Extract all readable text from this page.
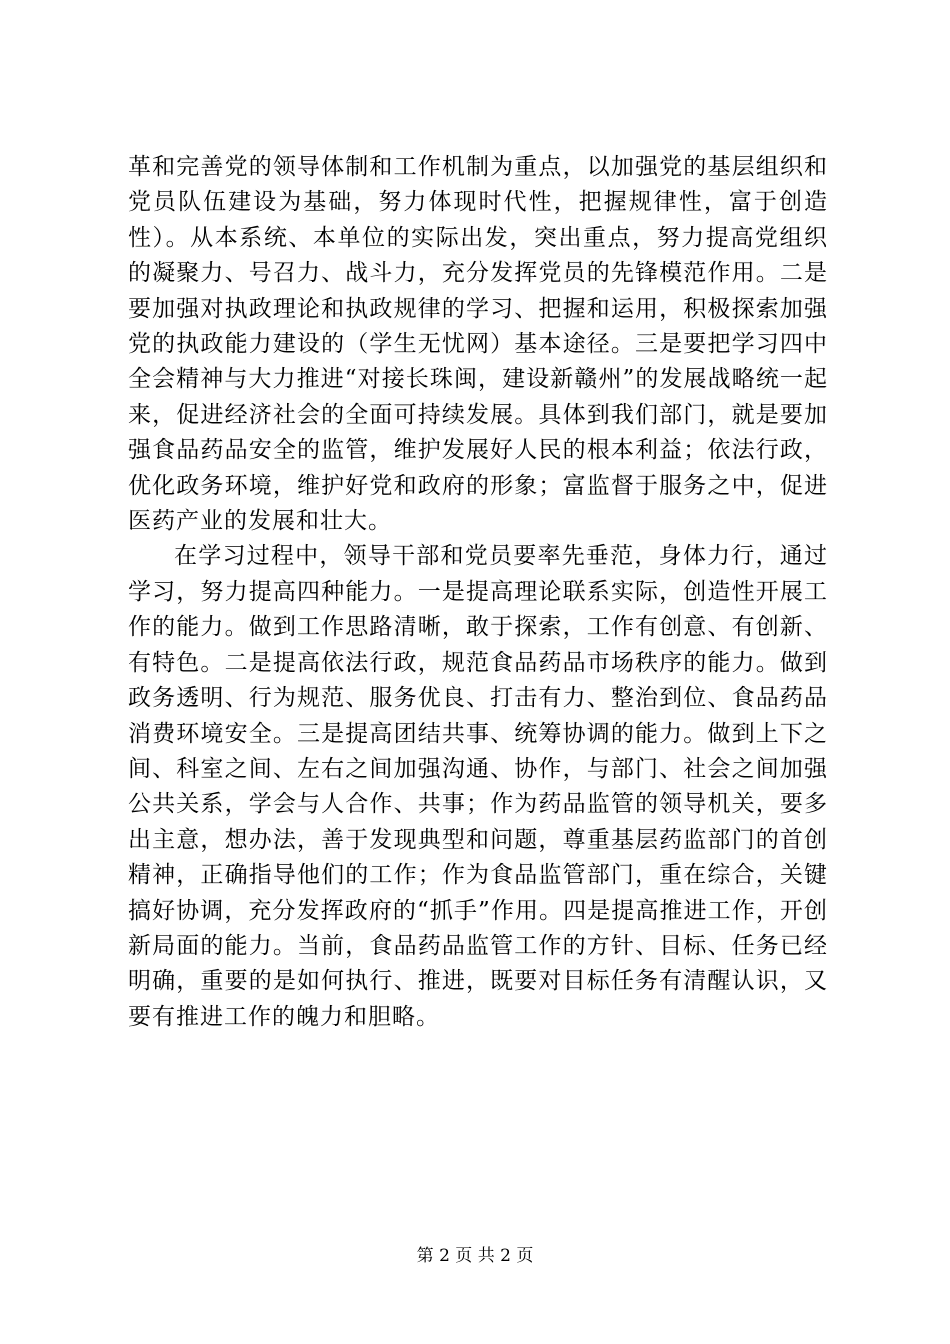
革和完善党的领导体制和工作机制为重点，以加强党的基层组织和党员队伍建设为基础，努力体现时代性，把握规律性，富于创造性）。从本系统、本单位的实际出发，突出重点，努力提高党组织的凝聚力、号召力、战斗力，充分发挥党员的先锋模范作用。二是要加强对执政理论和执政规律的学习、把握和运用，积极探索加强党的执政能力建设的（学生无忧网）基本途径。三是要把学习四中全会精神与大力推进“对接长珠闽，建设新赣州”的发展战略统一起来，促进经济社会的全面可持续发展。具体到我们部门，就是要加强食品药品安全的监管，维护发展好人民的根本利益；依法行政，优化政务环境，维护好党和政府的形象；富监督于服务之中，促进医药产业的发展和壮大。

在学习过程中，领导干部和党员要率先垂范，身体力行，通过学习，努力提高四种能力。一是提高理论联系实际，创造性开展工作的能力。做到工作思路清晰，敢于探索，工作有创意、有创新、有特色。二是提高依法行政，规范食品药品市场秩序的能力。做到政务透明、行为规范、服务优良、打击有力、整治到位、食品药品消费环境安全。三是提高团结共事、统筹协调的能力。做到上下之间、科室之间、左右之间加强沟通、协作，与部门、社会之间加强公共关系，学会与人合作、共事；作为药品监管的领导机关，要多出主意，想办法，善于发现典型和问题，尊重基层药监部门的首创精神，正确指导他们的工作；作为食品监管部门，重在综合，关键搞好协调，充分发挥政府的“抓手”作用。四是提高推进工作，开创新局面的能力。当前，食品药品监管工作的方针、目标、任务已经明确，重要的是如何执行、推进，既要对目标任务有清醒认识，又要有推进工作的魄力和胆略。

第 2 页 共 2 页
